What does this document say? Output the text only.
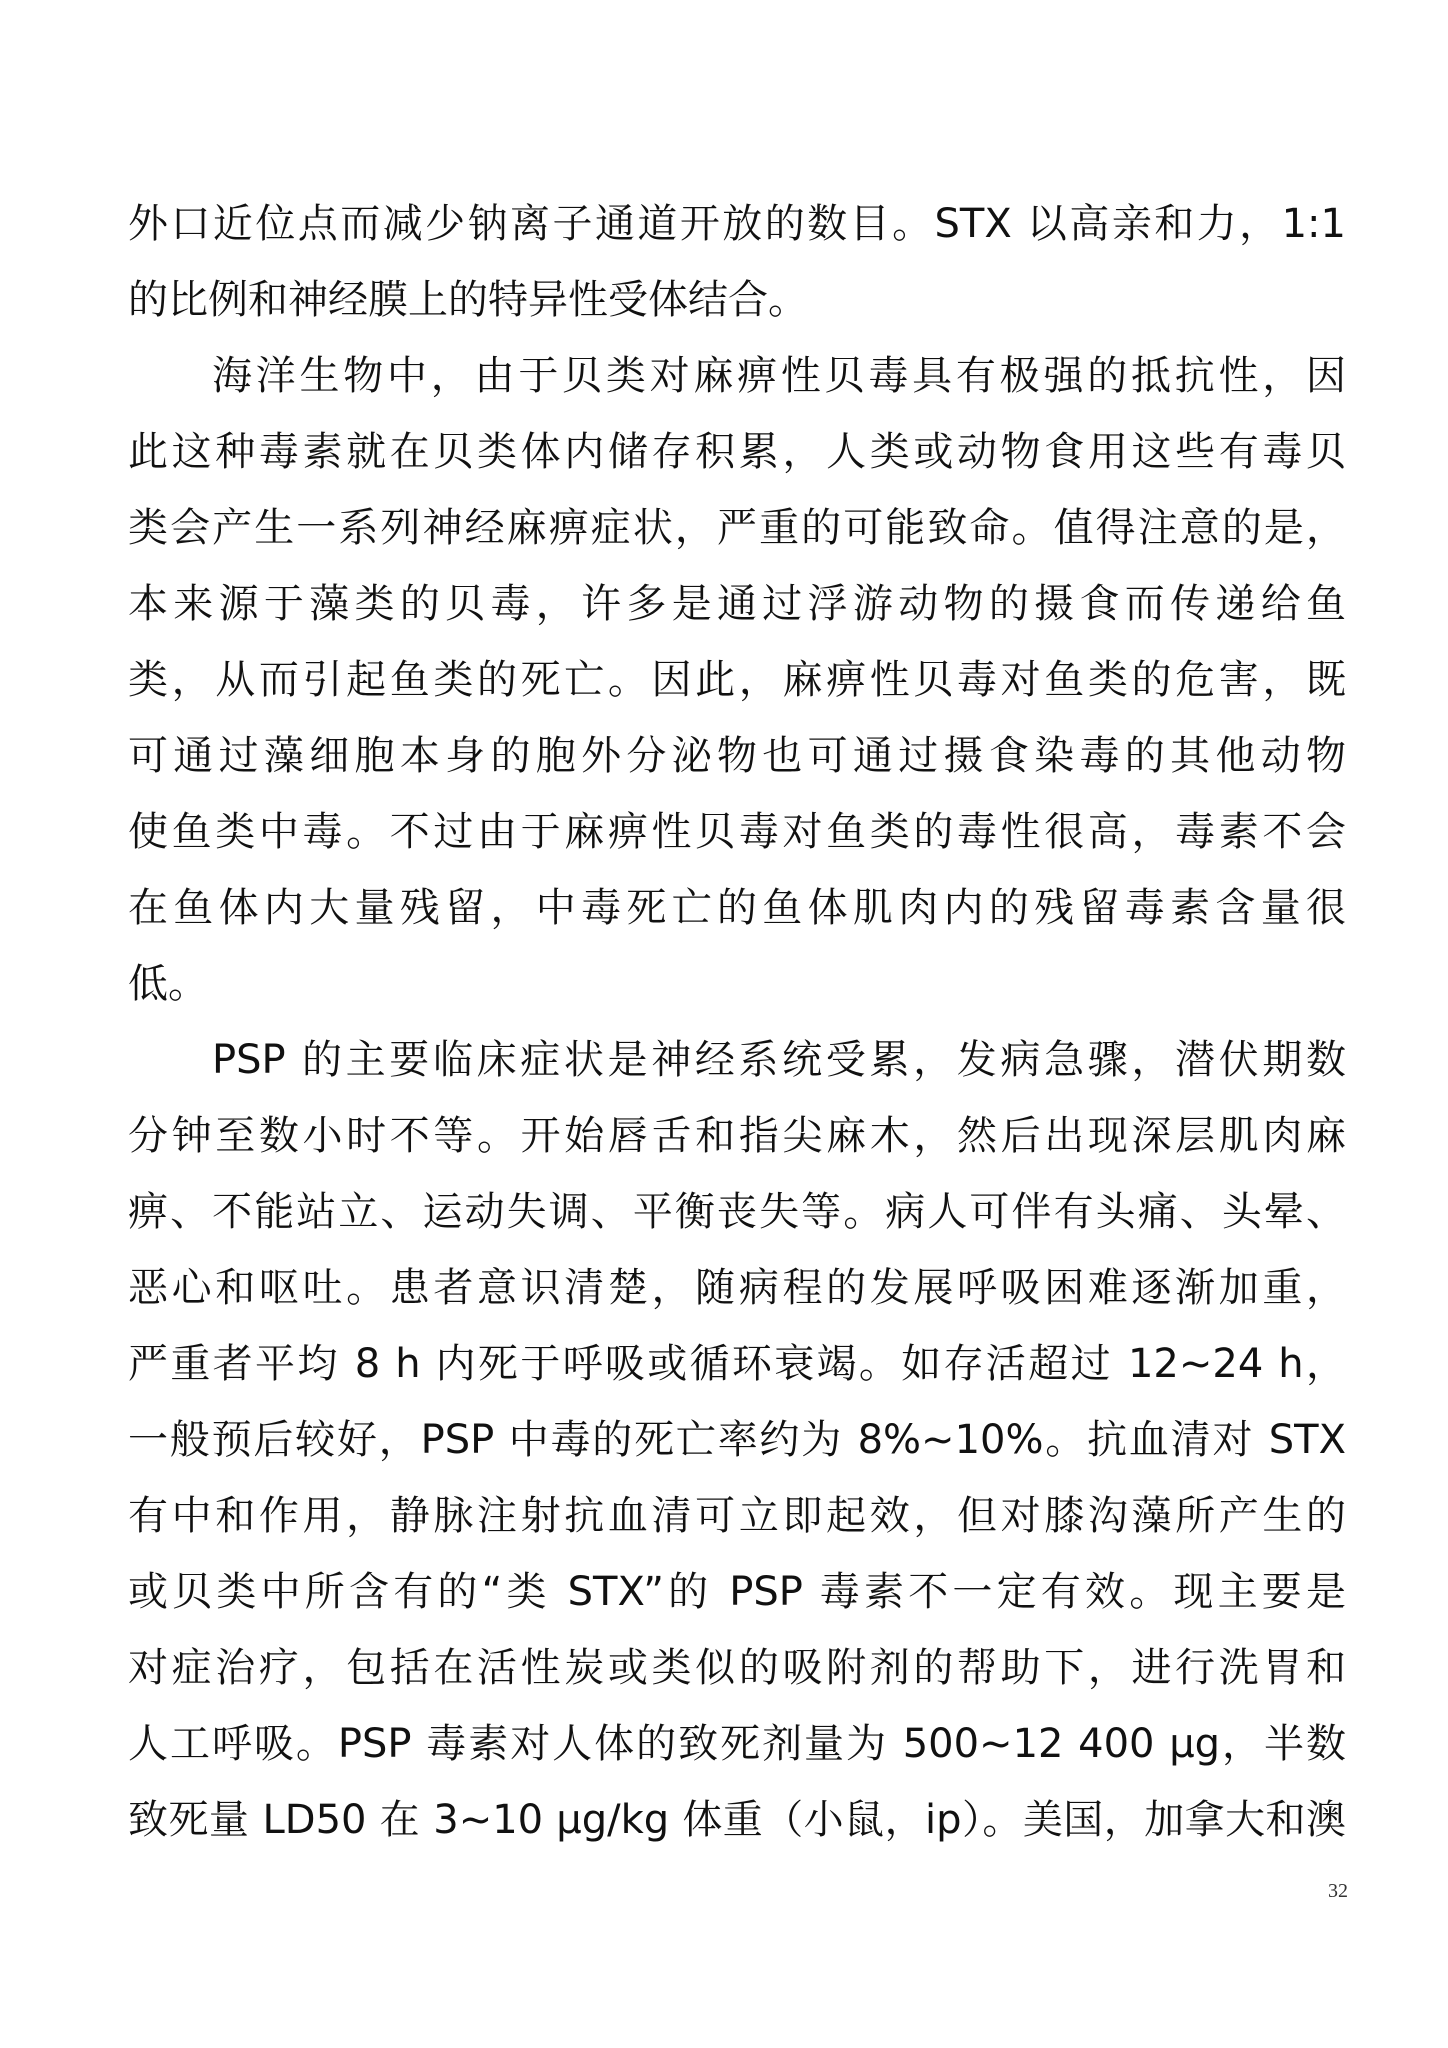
外口近位点而减少钠离子通道开放的数目。STX 以高亲和力，1:1
的比例和神经膜上的特异性受体结合。
海洋生物中，由于贝类对麻痹性贝毒具有极强的抵抗性，因
此这种毒素就在贝类体内储存积累，人类或动物食用这些有毒贝
类会产生一系列神经麻痹症状，严重的可能致命。值得注意的是，
本来源于藻类的贝毒，许多是通过浮游动物的摄食而传递给鱼
类，从而引起鱼类的死亡。因此，麻痹性贝毒对鱼类的危害，既
可通过藻细胞本身的胞外分泌物也可通过摄食染毒的其他动物
使鱼类中毒。不过由于麻痹性贝毒对鱼类的毒性很高，毒素不会
在鱼体内大量残留，中毒死亡的鱼体肌肉内的残留毒素含量很
低。
PSP 的主要临床症状是神经系统受累，发病急骤，潜伏期数
分钟至数小时不等。开始唇舌和指尖麻木，然后出现深层肌肉麻
痹、不能站立、运动失调、平衡丧失等。病人可伴有头痛、头晕、
恶心和呕吐。患者意识清楚，随病程的发展呼吸困难逐渐加重，
严重者平均 8 h 内死于呼吸或循环衰竭。如存活超过 12~24 h，
一般预后较好，PSP 中毒的死亡率约为 8%~10%。抗血清对 STX
有中和作用，静脉注射抗血清可立即起效，但对膝沟藻所产生的
或贝类中所含有的“类 STX”的 PSP 毒素不一定有效。现主要是
对症治疗，包括在活性炭或类似的吸附剂的帮助下，进行洗胃和
人工呼吸。PSP 毒素对人体的致死剂量为 500~12 400 μg，半数
致死量 LD50 在 3~10 μg/kg 体重（小鼠，ip）。美国，加拿大和澳
32
